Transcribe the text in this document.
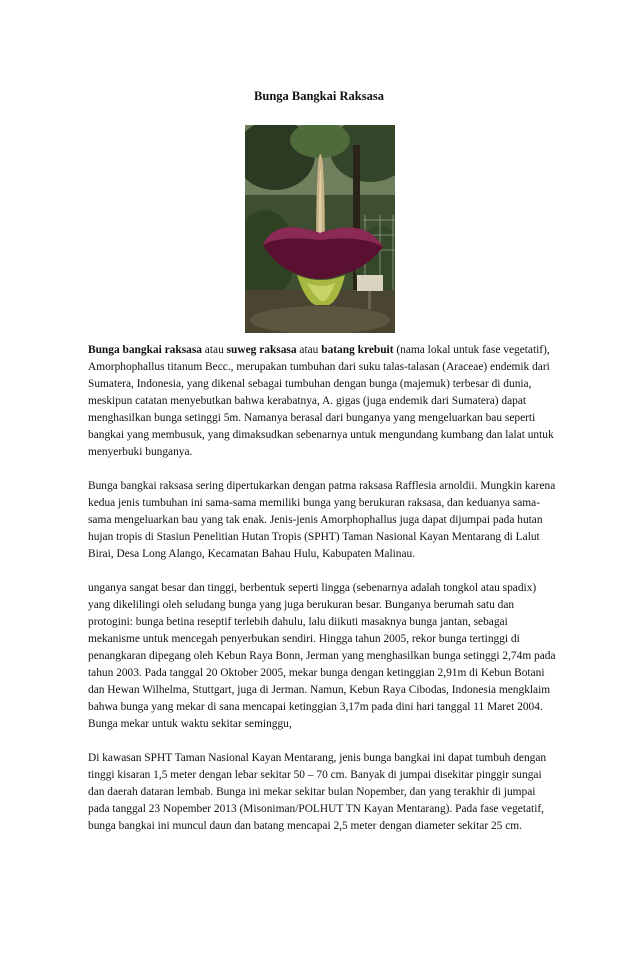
Bunga Bangkai Raksasa

Bunga bangkai raksasa atau suweg raksasa atau batang krebuit (nama lokal untuk fase vegetatif), Amorphophallus titanum Becc., merupakan tumbuhan dari suku talas-talasan (Araceae) endemik dari Sumatera, Indonesia, yang dikenal sebagai tumbuhan dengan bunga (majemuk) terbesar di dunia, meskipun catatan menyebutkan bahwa kerabatnya, A. gigas (juga endemik dari Sumatera) dapat menghasilkan bunga setinggi 5m. Namanya berasal dari bunganya yang mengeluarkan bau seperti bangkai yang membusuk, yang dimaksudkan sebenarnya untuk mengundang kumbang dan lalat untuk menyerbuki bunganya.

Bunga bangkai raksasa sering dipertukarkan dengan patma raksasa Rafflesia arnoldii. Mungkin karena kedua jenis tumbuhan ini sama-sama memiliki bunga yang berukuran raksasa, dan keduanya sama-sama mengeluarkan bau yang tak enak. Jenis-jenis Amorphophallus juga dapat dijumpai pada hutan hujan tropis di Stasiun Penelitian Hutan Tropis (SPHT) Taman Nasional Kayan Mentarang di Lalut Birai, Desa Long Alango, Kecamatan Bahau Hulu, Kabupaten Malinau.

unganya sangat besar dan tinggi, berbentuk seperti lingga (sebenarnya adalah tongkol atau spadix) yang dikelilingi oleh seludang bunga yang juga berukuran besar. Bunganya berumah satu dan protogini: bunga betina reseptif terlebih dahulu, lalu diikuti masaknya bunga jantan, sebagai mekanisme untuk mencegah penyerbukan sendiri. Hingga tahun 2005, rekor bunga tertinggi di penangkaran dipegang oleh Kebun Raya Bonn, Jerman yang menghasilkan bunga setinggi 2,74m pada tahun 2003. Pada tanggal 20 Oktober 2005, mekar bunga dengan ketinggian 2,91m di Kebun Botani dan Hewan Wilhelma, Stuttgart, juga di Jerman. Namun, Kebun Raya Cibodas, Indonesia mengklaim bahwa bunga yang mekar di sana mencapai ketinggian 3,17m pada dini hari tanggal 11 Maret 2004. Bunga mekar untuk waktu sekitar seminggu,

Di kawasan SPHT Taman Nasional Kayan Mentarang, jenis bunga bangkai ini dapat tumbuh dengan tinggi kisaran 1,5 meter dengan lebar sekitar 50 – 70 cm. Banyak di jumpai disekitar pinggir sungai dan daerah dataran lembab. Bunga ini mekar sekitar bulan Nopember, dan yang terakhir di jumpai pada tanggal 23 Nopember 2013 (Misoniman/POLHUT TN Kayan Mentarang). Pada fase vegetatif, bunga bangkai ini muncul daun dan batang mencapai 2,5 meter dengan diameter sekitar 25 cm.
